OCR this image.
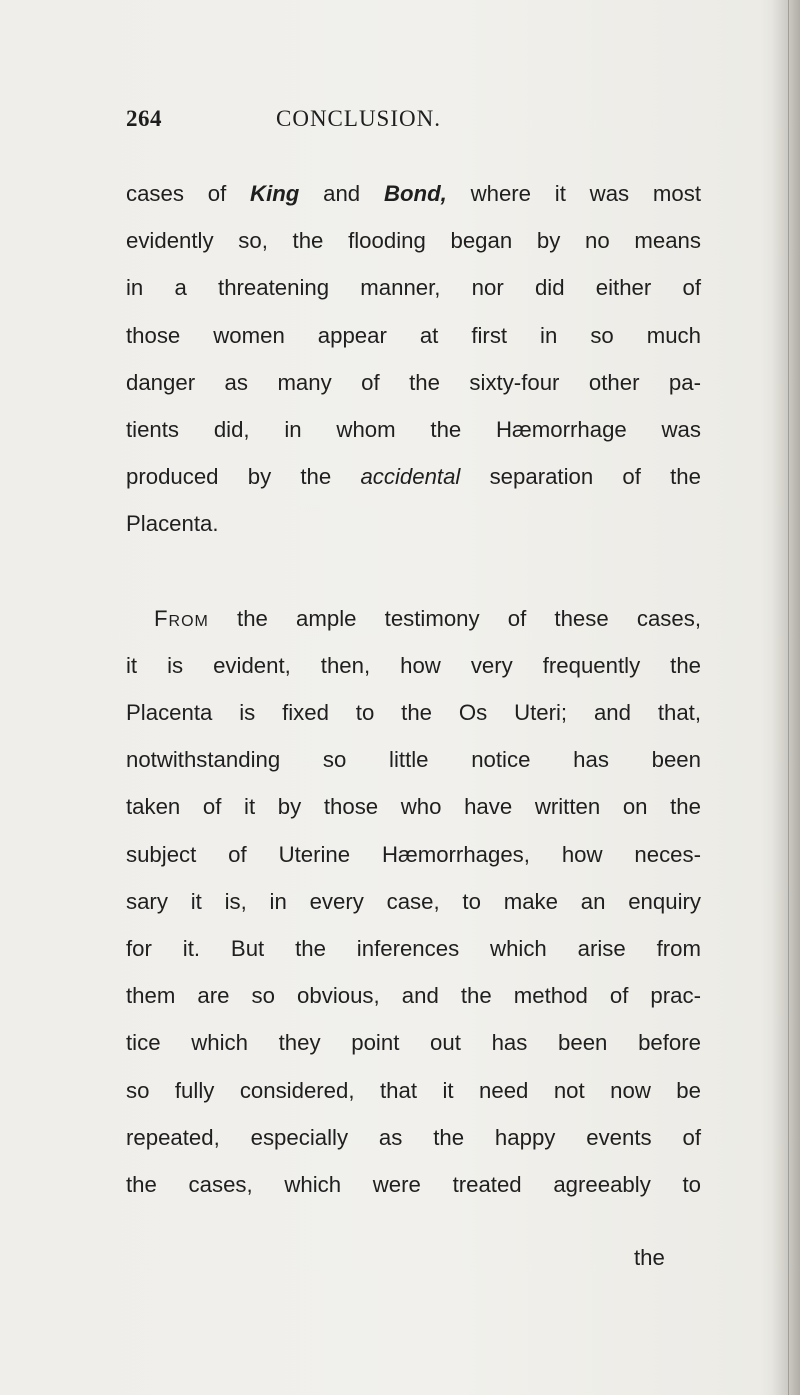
264	CONCLUSION.
cases of King and Bond, where it was most
evidently so, the flooding began by no means
in a threatening manner, nor did either of
those women appear at first in so much
danger as many of the sixty-four other pa-
tients did, in whom the Hæmorrhage was
produced by the accidental separation of the
Placenta.
From the ample testimony of these cases,
it is evident, then, how very frequently the
Placenta is fixed to the Os Uteri; and that,
notwithstanding so little notice has been
taken of it by those who have written on the
subject of Uterine Hæmorrhages, how neces-
sary it is, in every case, to make an enquiry
for it. But the inferences which arise from
them are so obvious, and the method of prac-
tice which they point out has been before
so fully considered, that it need not now be
repeated, especially as the happy events of
the cases, which were treated agreeably to
the
